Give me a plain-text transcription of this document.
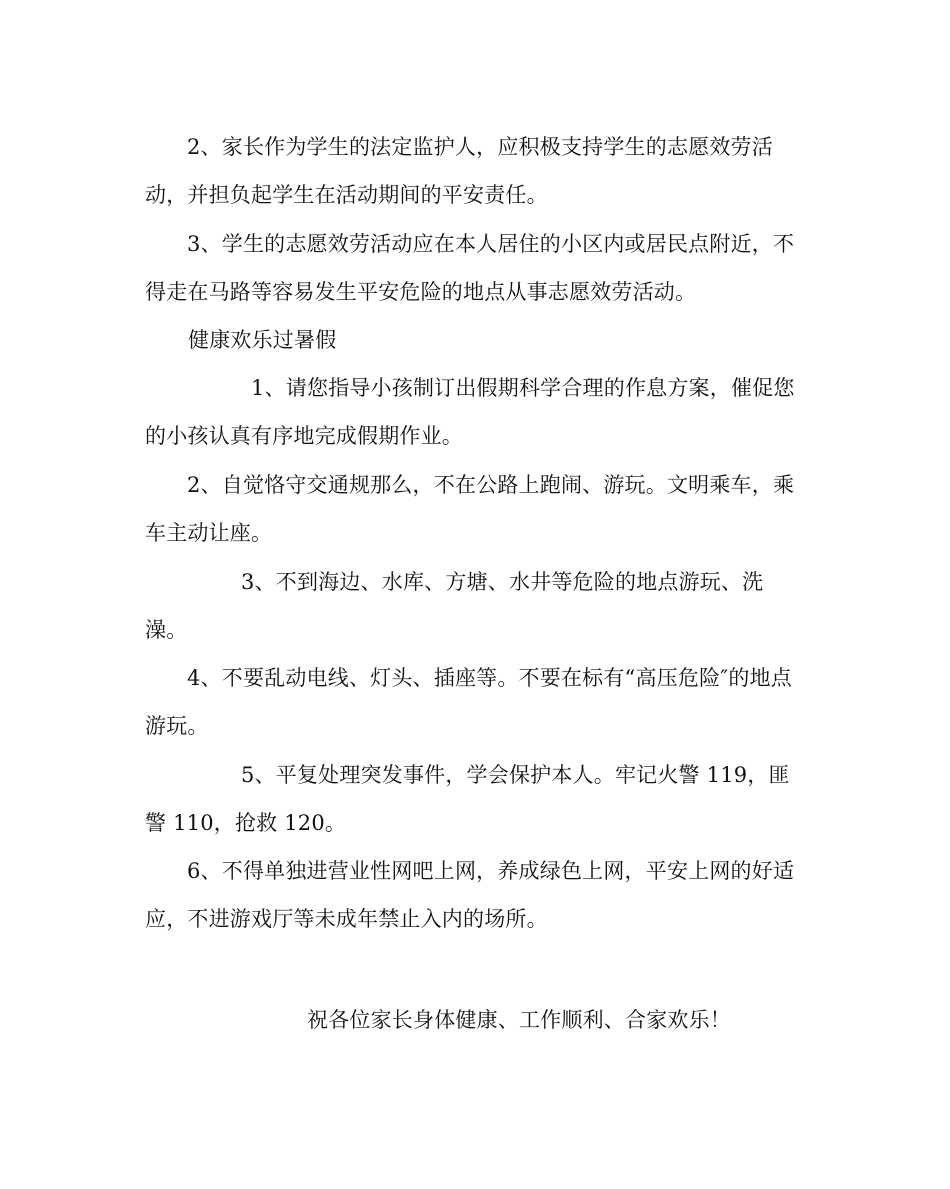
2、家长作为学生的法定监护人，应积极支持学生的志愿效劳活动，并担负起学生在活动期间的平安责任。

3、学生的志愿效劳活动应在本人居住的小区内或居民点附近，不得走在马路等容易发生平安危险的地点从事志愿效劳活动。

健康欢乐过暑假

1、请您指导小孩制订出假期科学合理的作息方案，催促您的小孩认真有序地完成假期作业。

2、自觉恪守交通规那么，不在公路上跑闹、游玩。文明乘车，乘车主动让座。

3、不到海边、水库、方塘、水井等危险的地点游玩、洗澡。

4、不要乱动电线、灯头、插座等。不要在标有“高压危险″的地点游玩。

5、平复处理突发事件，学会保护本人。牢记火警 119，匪警 110，抢救 120。

6、不得单独进营业性网吧上网，养成绿色上网，平安上网的好适应，不进游戏厅等未成年禁止入内的场所。

祝各位家长身体健康、工作顺利、合家欢乐！
